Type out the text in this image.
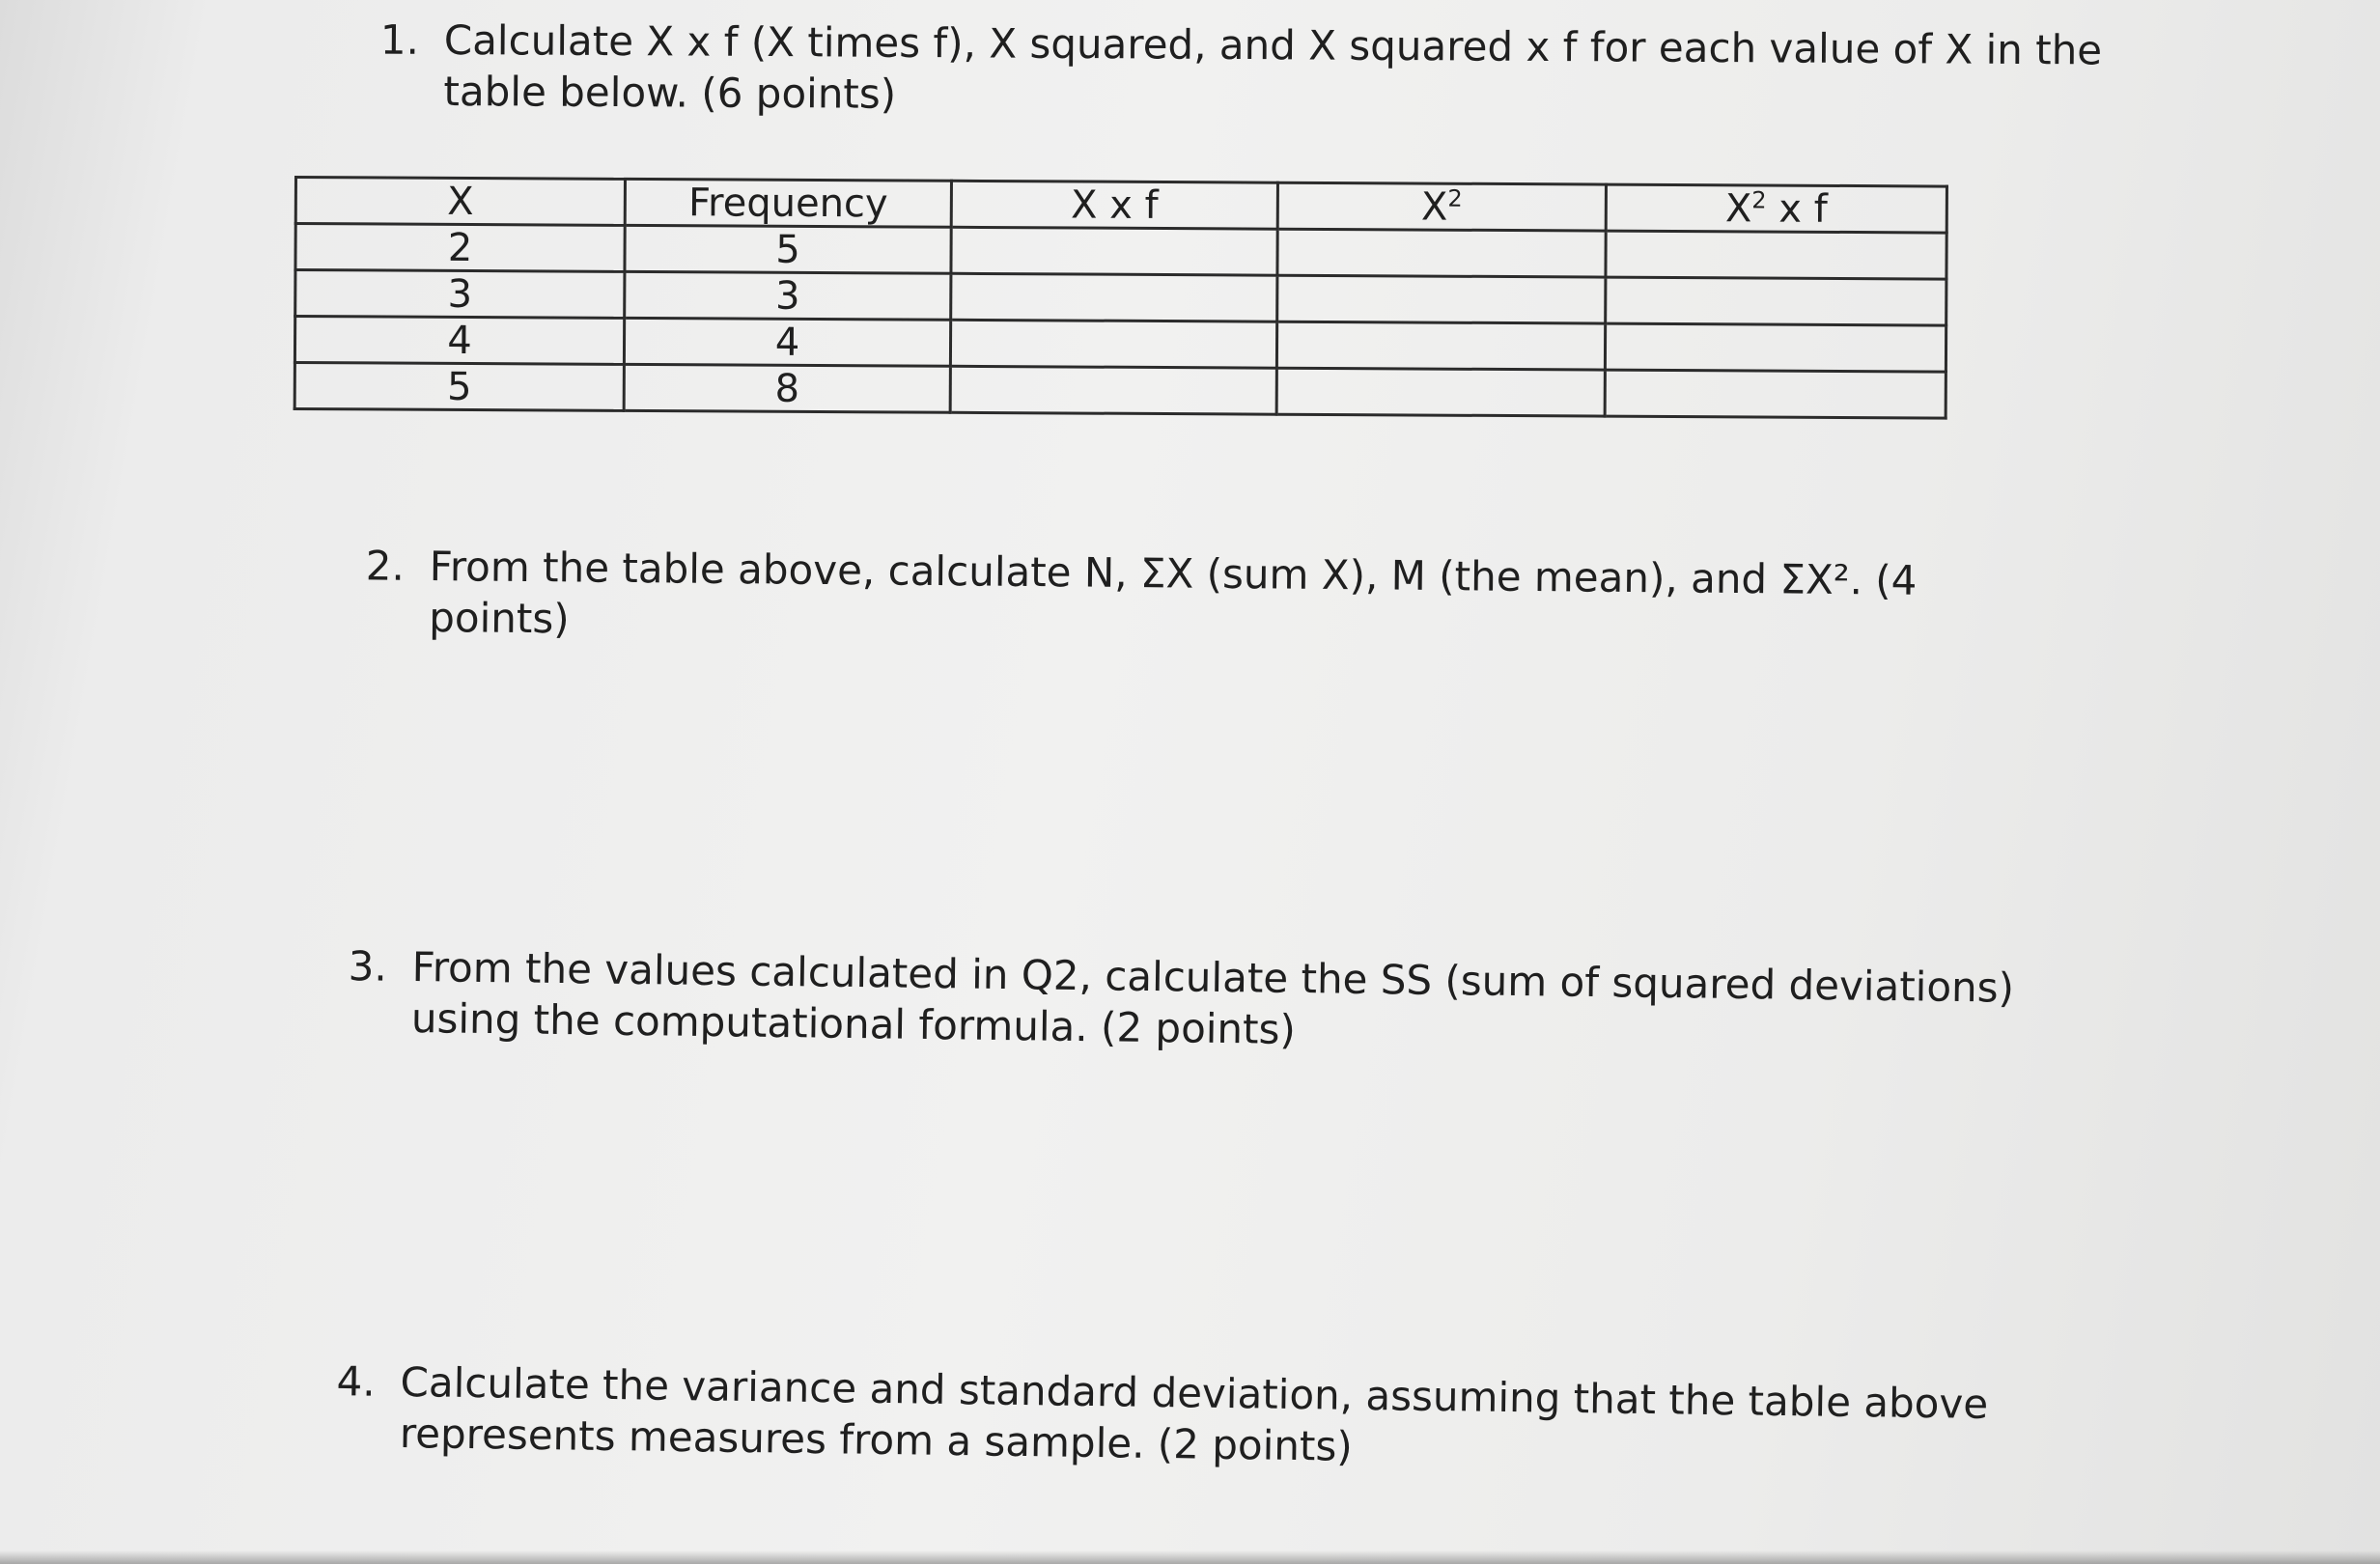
1. Calculate X x f (X times f), X squared, and X squared x f for each value of X in the table below. (6 points)
X	Frequency	X x f	$X^2$	$X^2$ x f
2	5			
3	3			
4	4			
5	8			
2. From the table above, calculate N, ΣX (sum X), M (the mean), and ΣX². (4 points)
3. From the values calculated in Q2, calculate the SS (sum of squared deviations) using the computational formula. (2 points)
4. Calculate the variance and standard deviation, assuming that the table above represents measures from a sample. (2 points)
